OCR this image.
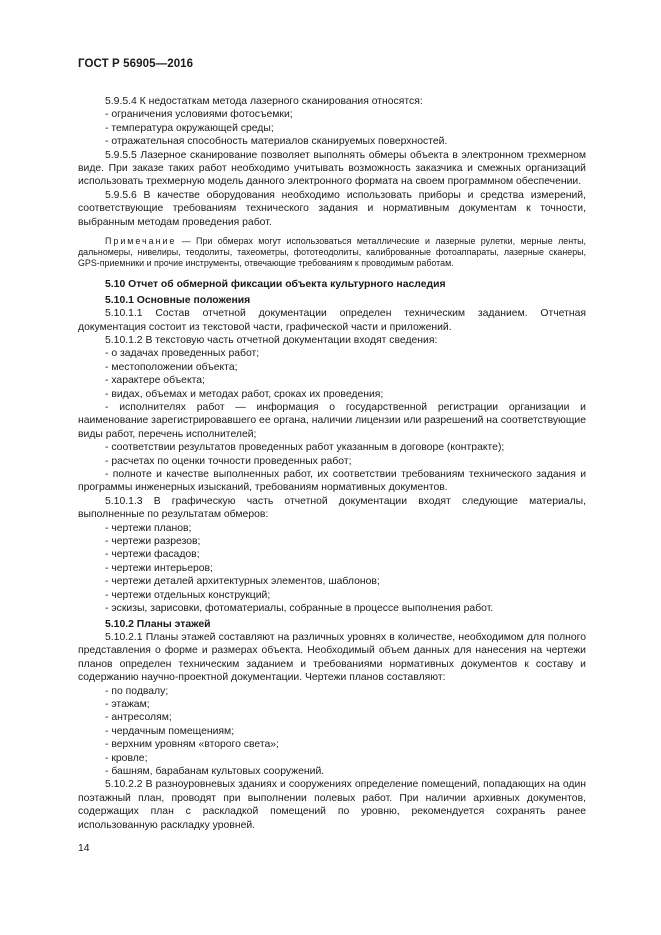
ГОСТ Р 56905—2016

5.9.5.4 К недостаткам метода лазерного сканирования относятся:

- ограничения условиями фотосъемки;

- температура окружающей среды;

- отражательная способность материалов сканируемых поверхностей.

5.9.5.5 Лазерное сканирование позволяет выполнять обмеры объекта в электронном трехмерном виде. При заказе таких работ необходимо учитывать возможность заказчика и смежных организаций использовать трехмерную модель данного электронного формата на своем программном обеспечении.

5.9.5.6 В качестве оборудования необходимо использовать приборы и средства измерений, соответствующие требованиям технического задания и нормативным документам к точности, выбранным методам проведения работ.

Примечание — При обмерах могут использоваться металлические и лазерные рулетки, мерные ленты, дальномеры, нивелиры, теодолиты, тахеометры, фототеодолиты, калиброванные фотоаппараты, лазерные сканеры, GPS-приемники и прочие инструменты, отвечающие требованиям к проводимым работам.

5.10 Отчет об обмерной фиксации объекта культурного наследия

5.10.1 Основные положения

5.10.1.1 Состав отчетной документации определен техническим заданием. Отчетная документация состоит из текстовой части, графической части и приложений.

5.10.1.2 В текстовую часть отчетной документации входят сведения:

- о задачах проведенных работ;

- местоположении объекта;

- характере объекта;

- видах, объемах и методах работ, сроках их проведения;

- исполнителях работ — информация о государственной регистрации организации и наименование зарегистрировавшего ее органа, наличии лицензии или разрешений на соответствующие виды работ, перечень исполнителей;

- соответствии результатов проведенных работ указанным в договоре (контракте);

- расчетах по оценки точности проведенных работ;

- полноте и качестве выполненных работ, их соответствии требованиям технического задания и программы инженерных изысканий, требованиям нормативных документов.

5.10.1.3 В графическую часть отчетной документации входят следующие материалы, выполненные по результатам обмеров:

- чертежи планов;

- чертежи разрезов;

- чертежи фасадов;

- чертежи интерьеров;

- чертежи деталей архитектурных элементов, шаблонов;

- чертежи отдельных конструкций;

- эскизы, зарисовки, фотоматериалы, собранные в процессе выполнения работ.

5.10.2 Планы этажей

5.10.2.1 Планы этажей составляют на различных уровнях в количестве, необходимом для полного представления о форме и размерах объекта. Необходимый объем данных для нанесения на чертежи планов определен техническим заданием и требованиями нормативных документов к составу и содержанию научно-проектной документации. Чертежи планов составляют:

- по подвалу;

- этажам;

- антресолям;

- чердачным помещениям;

- верхним уровням «второго света»;

- кровле;

- башням, барабанам культовых сооружений.

5.10.2.2 В разноуровневых зданиях и сооружениях определение помещений, попадающих на один поэтажный план, проводят при выполнении полевых работ. При наличии архивных документов, содержащих план с раскладкой помещений по уровню, рекомендуется сохранять ранее использованную раскладку уровней.

14
